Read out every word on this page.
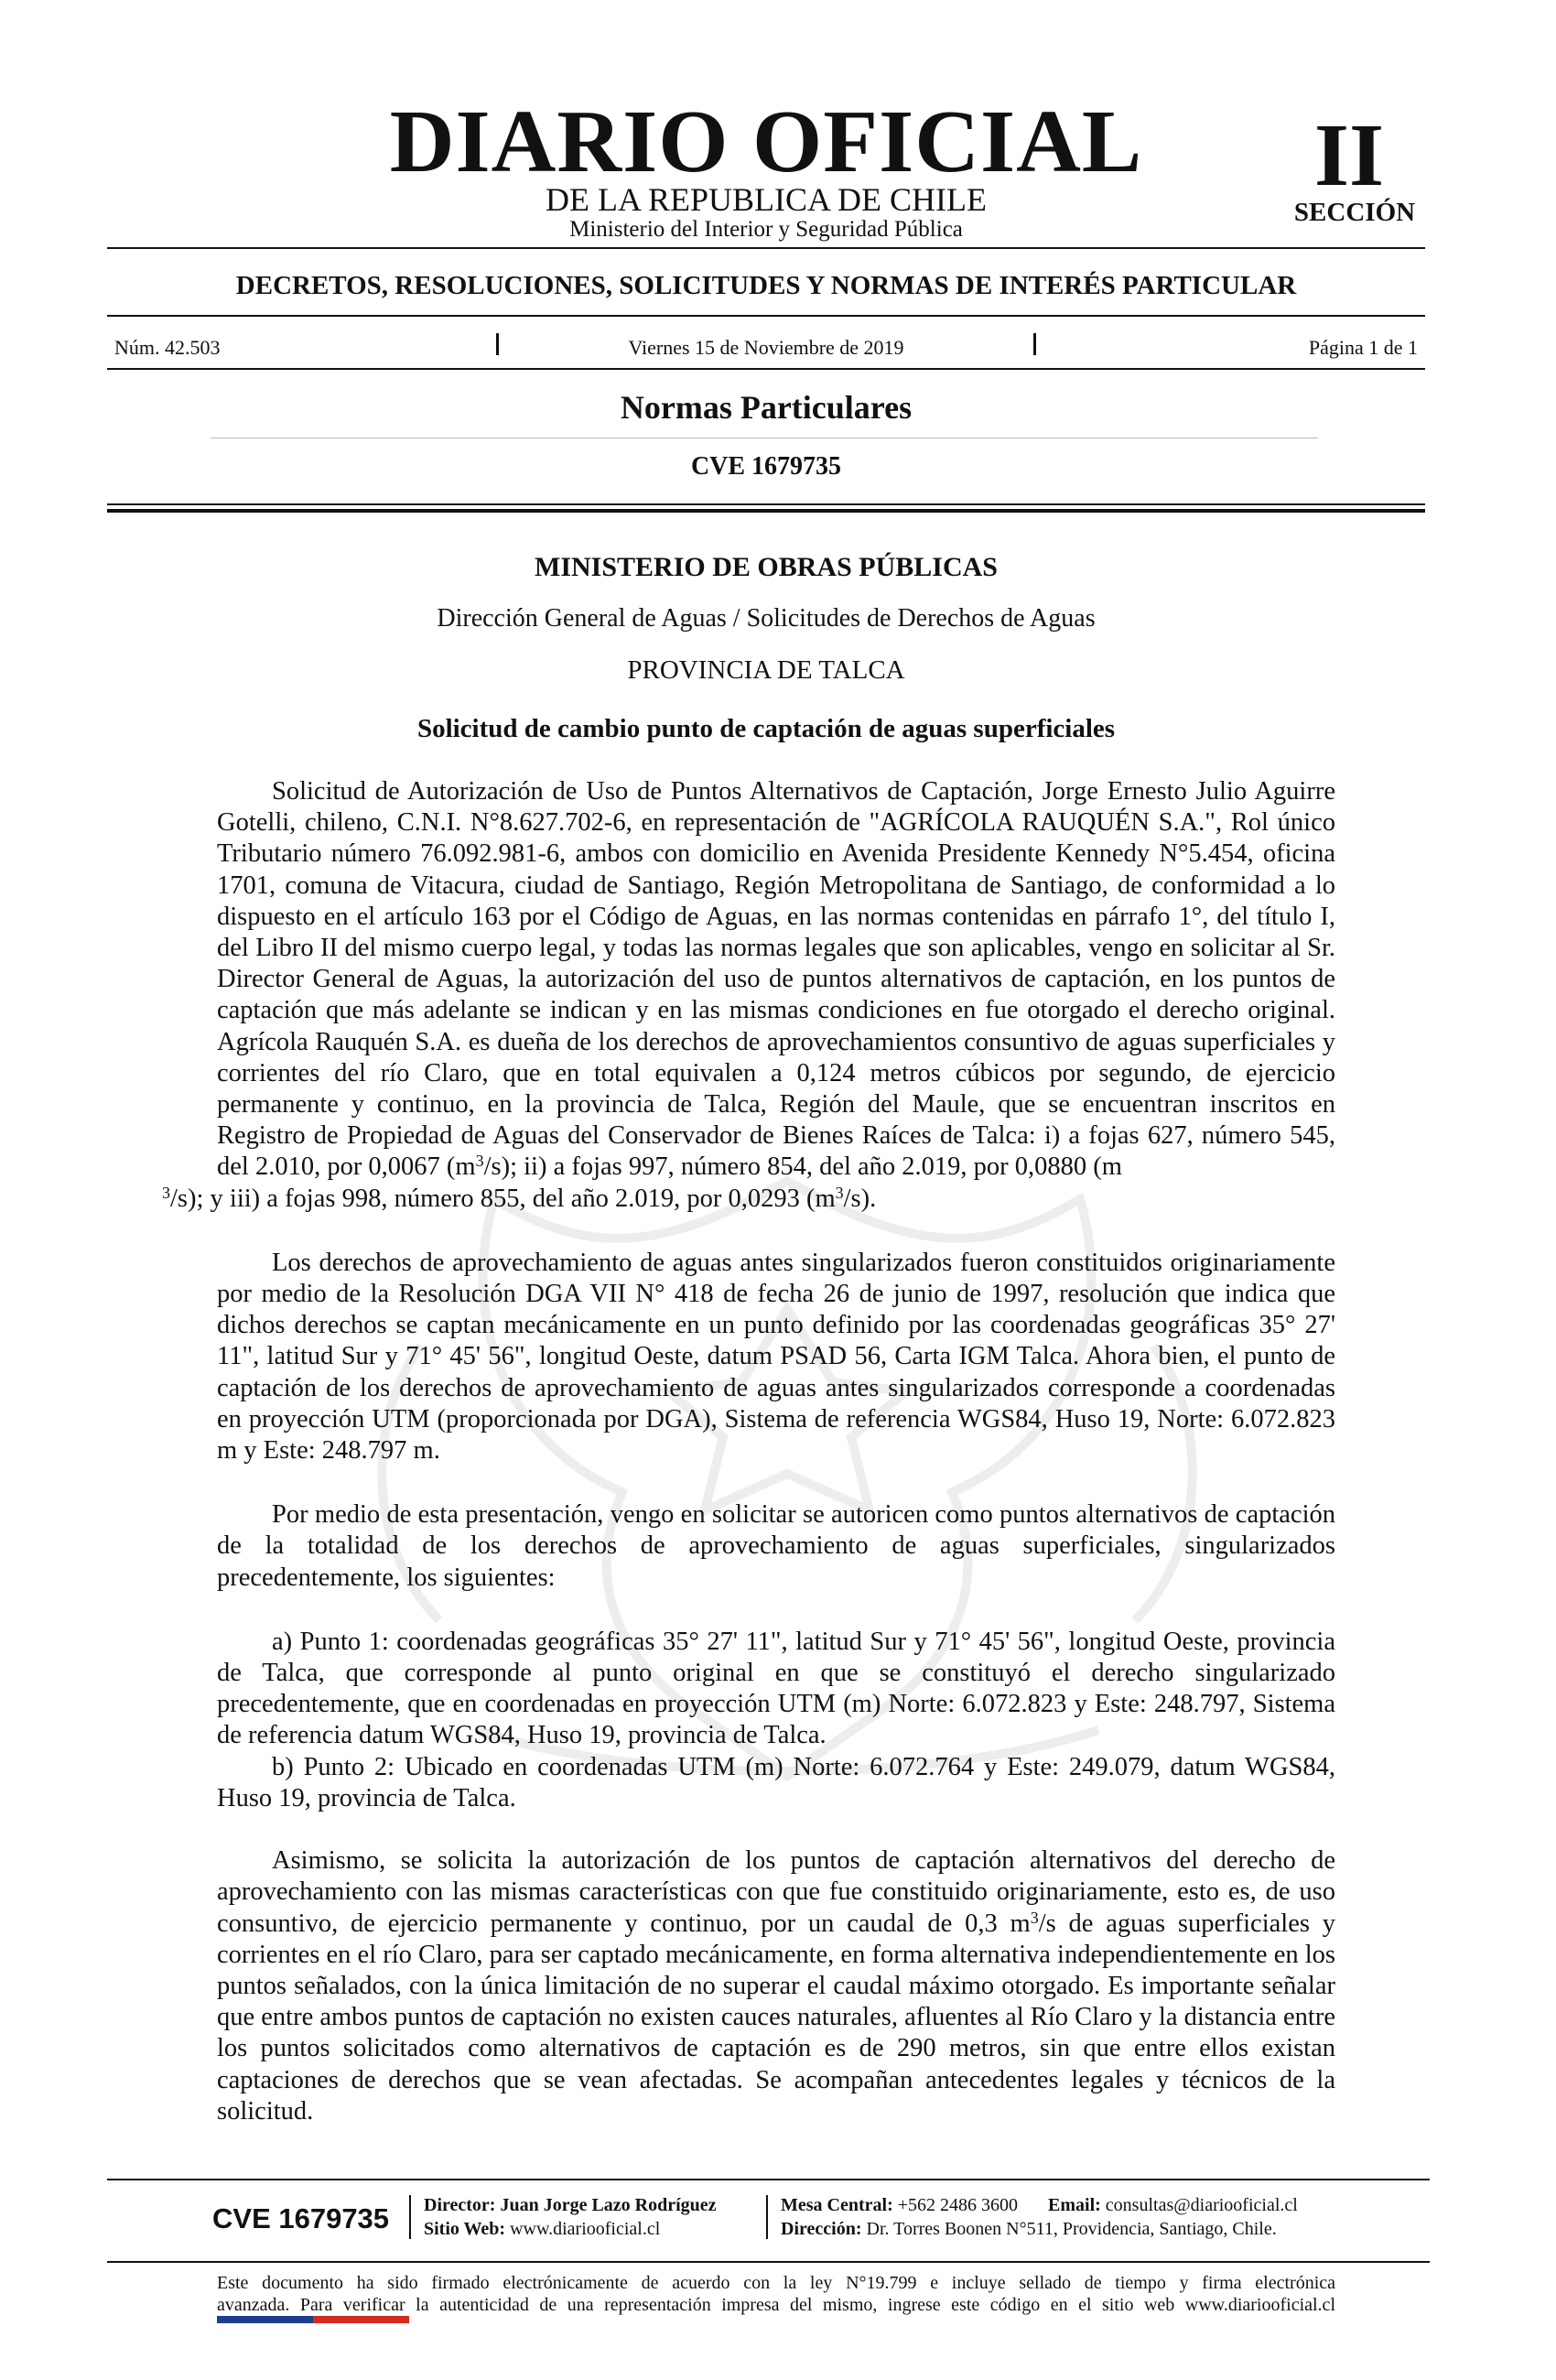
DIARIO OFICIAL
DE LA REPUBLICA DE CHILE
Ministerio del Interior y Seguridad Pública
II
SECCIÓN
DECRETOS, RESOLUCIONES, SOLICITUDES Y NORMAS DE INTERÉS PARTICULAR
Núm. 42.503	Viernes 15 de Noviembre de 2019	Página 1 de 1
Normas Particulares
CVE 1679735
MINISTERIO DE OBRAS PÚBLICAS
Dirección General de Aguas / Solicitudes de Derechos de Aguas
PROVINCIA DE TALCA
Solicitud de cambio punto de captación de aguas superficiales

Solicitud de Autorización de Uso de Puntos Alternativos de Captación, Jorge Ernesto Julio Aguirre Gotelli, chileno, C.N.I. N°8.627.702-6, en representación de "AGRÍCOLA RAUQUÉN S.A.", Rol único Tributario número 76.092.981-6, ambos con domicilio en Avenida Presidente Kennedy N°5.454, oficina 1701, comuna de Vitacura, ciudad de Santiago, Región Metropolitana de Santiago, de conformidad a lo dispuesto en el artículo 163 por el Código de Aguas, en las normas contenidas en párrafo 1°, del título I, del Libro II del mismo cuerpo legal, y todas las normas legales que son aplicables, vengo en solicitar al Sr. Director General de Aguas, la autorización del uso de puntos alternativos de captación, en los puntos de captación que más adelante se indican y en las mismas condiciones en fue otorgado el derecho original. Agrícola Rauquén S.A. es dueña de los derechos de aprovechamientos consuntivo de aguas superficiales y corrientes del río Claro, que en total equivalen a 0,124 metros cúbicos por segundo, de ejercicio permanente y continuo, en la provincia de Talca, Región del Maule, que se encuentran inscritos en Registro de Propiedad de Aguas del Conservador de Bienes Raíces de Talca: i) a fojas 627, número 545, del 2.010, por 0,0067 $(m^3/s)$; ii) a fojas 997, número 854, del año 2.019, por 0,0880 (m
$^3$/s); y iii) a fojas 998, número 855, del año 2.019, por 0,0293 $(m^3/s)$.

Los derechos de aprovechamiento de aguas antes singularizados fueron constituidos originariamente por medio de la Resolución DGA VII N° 418 de fecha 26 de junio de 1997, resolución que indica que dichos derechos se captan mecánicamente en un punto definido por las coordenadas geográficas 35° 27' 11", latitud Sur y 71° 45' 56", longitud Oeste, datum PSAD 56, Carta IGM Talca. Ahora bien, el punto de captación de los derechos de aprovechamiento de aguas antes singularizados corresponde a coordenadas en proyección UTM (proporcionada por DGA), Sistema de referencia WGS84, Huso 19, Norte: 6.072.823 m y Este: 248.797 m.

Por medio de esta presentación, vengo en solicitar se autoricen como puntos alternativos de captación de la totalidad de los derechos de aprovechamiento de aguas superficiales, singularizados precedentemente, los siguientes:

a) Punto 1: coordenadas geográficas 35° 27' 11", latitud Sur y 71° 45' 56", longitud Oeste, provincia de Talca, que corresponde al punto original en que se constituyó el derecho singularizado precedentemente, que en coordenadas en proyección UTM (m) Norte: 6.072.823 y Este: 248.797, Sistema de referencia datum WGS84, Huso 19, provincia de Talca.

b) Punto 2: Ubicado en coordenadas UTM (m) Norte: 6.072.764 y Este: 249.079, datum WGS84, Huso 19, provincia de Talca.

Asimismo, se solicita la autorización de los puntos de captación alternativos del derecho de aprovechamiento con las mismas características con que fue constituido originariamente, esto es, de uso consuntivo, de ejercicio permanente y continuo, por un caudal de 0,3 $m^3/s$ de aguas superficiales y corrientes en el río Claro, para ser captado mecánicamente, en forma alternativa independientemente en los puntos señalados, con la única limitación de no superar el caudal máximo otorgado. Es importante señalar que entre ambos puntos de captación no existen cauces naturales, afluentes al Río Claro y la distancia entre los puntos solicitados como alternativos de captación es de 290 metros, sin que entre ellos existan captaciones de derechos que se vean afectadas. Se acompañan antecedentes legales y técnicos de la solicitud.

CVE 1679735 Director: Juan Jorge Lazo Rodríguez
Sitio Web: www.diariooficial.cl
Mesa Central: +562 2486 3600 Email: consultas@diariooficial.cl
Dirección: Dr. Torres Boonen N°511, Providencia, Santiago, Chile.
Este documento ha sido firmado electrónicamente de acuerdo con la ley N°19.799 e incluye sellado de tiempo y firma electrónica
avanzada. Para verificar la autenticidad de una representación impresa del mismo, ingrese este código en el sitio web www.diariooficial.cl
